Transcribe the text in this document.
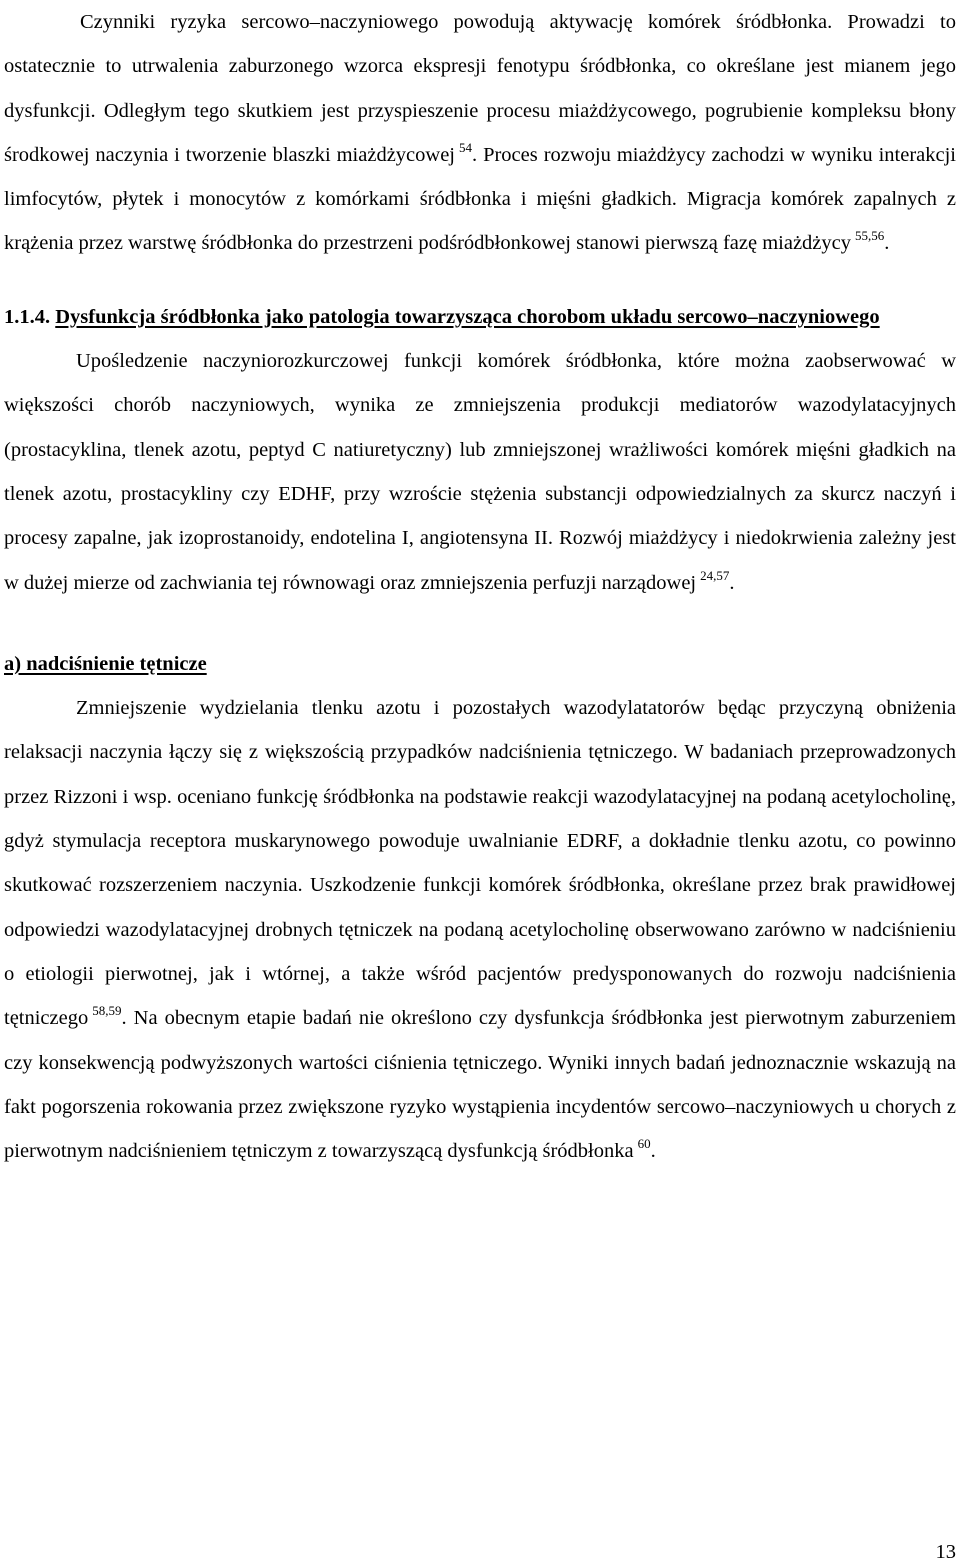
Czynniki ryzyka sercowo–naczyniowego powodują aktywację komórek śródbłonka. Prowadzi to ostatecznie to utrwalenia zaburzonego wzorca ekspresji fenotypu śródbłonka, co określane jest mianem jego dysfunkcji. Odległym tego skutkiem jest przyspieszenie procesu miażdżycowego, pogrubienie kompleksu błony środkowej naczynia i tworzenie blaszki miażdżycowej $^{54}$. Proces rozwoju miażdżycy zachodzi w wyniku interakcji limfocytów, płytek i monocytów z komórkami śródbłonka i mięśni gładkich. Migracja komórek zapalnych z krążenia przez warstwę śródbłonka do przestrzeni podśródbłonkowej stanowi pierwszą fazę miażdżycy $^{55,56}$.

1.1.4. Dysfunkcja śródbłonka jako patologia towarzysząca chorobom układu sercowo–naczyniowego

Upośledzenie naczyniorozkurczowej funkcji komórek śródbłonka, które można zaobserwować w większości chorób naczyniowych, wynika ze zmniejszenia produkcji mediatorów wazodylatacyjnych (prostacyklina, tlenek azotu, peptyd C natiuretyczny) lub zmniejszonej wrażliwości komórek mięśni gładkich na tlenek azotu, prostacykliny czy EDHF, przy wzroście stężenia substancji odpowiedzialnych za skurcz naczyń i procesy zapalne, jak izoprostanoidy, endotelina I, angiotensyna II. Rozwój miażdżycy i niedokrwienia zależny jest w dużej mierze od zachwiania tej równowagi oraz zmniejszenia perfuzji narządowej $^{24,57}$.

a) nadciśnienie tętnicze

Zmniejszenie wydzielania tlenku azotu i pozostałych wazodylatatorów będąc przyczyną obniżenia relaksacji naczynia łączy się z większością przypadków nadciśnienia tętniczego. W badaniach przeprowadzonych przez Rizzoni i wsp. oceniano funkcję śródbłonka na podstawie reakcji wazodylatacyjnej na podaną acetylocholinę, gdyż stymulacja receptora muskarynowego powoduje uwalnianie EDRF, a dokładnie tlenku azotu, co powinno skutkować rozszerzeniem naczynia. Uszkodzenie funkcji komórek śródbłonka, określane przez brak prawidłowej odpowiedzi wazodylatacyjnej drobnych tętniczek na podaną acetylocholinę obserwowano zarówno w nadciśnieniu o etiologii pierwotnej, jak i wtórnej, a także wśród pacjentów predysponowanych do rozwoju nadciśnienia tętniczego $^{58,59}$. Na obecnym etapie badań nie określono czy dysfunkcja śródbłonka jest pierwotnym zaburzeniem czy konsekwencją podwyższonych wartości ciśnienia tętniczego. Wyniki innych badań jednoznacznie wskazują na fakt pogorszenia rokowania przez zwiększone ryzyko wystąpienia incydentów sercowo–naczyniowych u chorych z pierwotnym nadciśnieniem tętniczym z towarzyszącą dysfunkcją śródbłonka $^{60}$.

13
